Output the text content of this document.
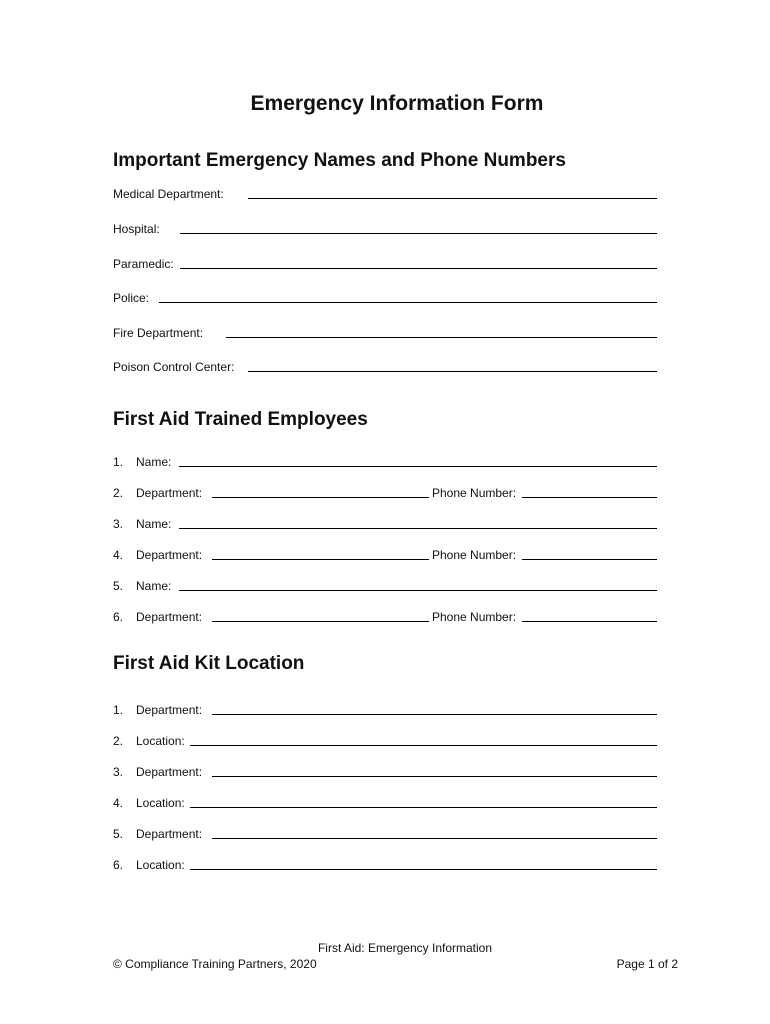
Emergency Information Form
Important Emergency Names and Phone Numbers
Medical Department:
Hospital:
Paramedic:
Police:
Fire Department:
Poison Control Center:
First Aid Trained Employees
1.	Name:
2.	Department:	Phone Number:
3.	Name:
4.	Department:	Phone Number:
5.	Name:
6.	Department:	Phone Number:
First Aid Kit Location
1.	Department:
2.	Location:
3.	Department:
4.	Location:
5.	Department:
6.	Location:
First Aid: Emergency Information
© Compliance Training Partners, 2020	Page 1 of 2
